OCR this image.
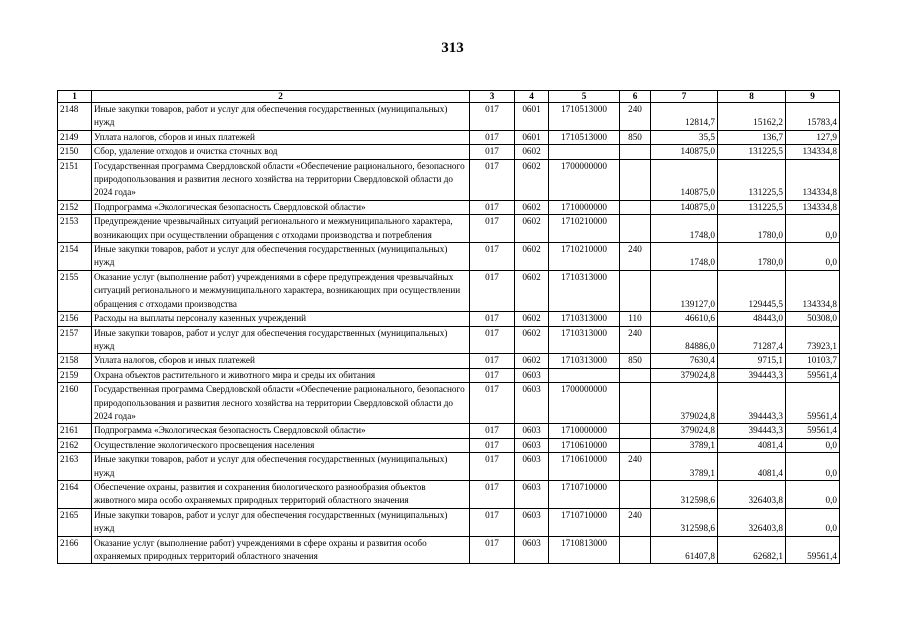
313
1	2	3	4	5	6	7	8	9
2148	Иные закупки товаров, работ и услуг для обеспечения государственных (муниципальных) нужд	017	0601	1710513000	240	12814,7	15162,2	15783,4
2149	Уплата налогов, сборов и иных платежей	017	0601	1710513000	850	35,5	136,7	127,9
2150	Сбор, удаление отходов и очистка сточных вод	017	0602			140875,0	131225,5	134334,8
2151	Государственная программа Свердловской области «Обеспечение рационального, безопасного природопользования и развития лесного хозяйства на территории Свердловской области до 2024 года»	017	0602	1700000000		140875,0	131225,5	134334,8
2152	Подпрограмма «Экологическая безопасность Свердловской области»	017	0602	1710000000		140875,0	131225,5	134334,8
2153	Предупреждение чрезвычайных ситуаций регионального и межмуниципального характера, возникающих при осуществлении обращения с отходами производства и потребления	017	0602	1710210000		1748,0	1780,0	0,0
2154	Иные закупки товаров, работ и услуг для обеспечения государственных (муниципальных) нужд	017	0602	1710210000	240	1748,0	1780,0	0,0
2155	Оказание услуг (выполнение работ) учреждениями в сфере предупреждения чрезвычайных ситуаций регионального и межмуниципального характера, возникающих при осуществлении обращения с отходами производства	017	0602	1710313000		139127,0	129445,5	134334,8
2156	Расходы на выплаты персоналу казенных учреждений	017	0602	1710313000	110	46610,6	48443,0	50308,0
2157	Иные закупки товаров, работ и услуг для обеспечения государственных (муниципальных) нужд	017	0602	1710313000	240	84886,0	71287,4	73923,1
2158	Уплата налогов, сборов и иных платежей	017	0602	1710313000	850	7630,4	9715,1	10103,7
2159	Охрана объектов растительного и животного мира и среды их обитания	017	0603			379024,8	394443,3	59561,4
2160	Государственная программа Свердловской области «Обеспечение рационального, безопасного природопользования и развития лесного хозяйства на территории Свердловской области до 2024 года»	017	0603	1700000000		379024,8	394443,3	59561,4
2161	Подпрограмма «Экологическая безопасность Свердловской области»	017	0603	1710000000		379024,8	394443,3	59561,4
2162	Осуществление экологического просвещения населения	017	0603	1710610000		3789,1	4081,4	0,0
2163	Иные закупки товаров, работ и услуг для обеспечения государственных (муниципальных) нужд	017	0603	1710610000	240	3789,1	4081,4	0,0
2164	Обеспечение охраны, развития и сохранения биологического разнообразия объектов животного мира особо охраняемых природных территорий областного значения	017	0603	1710710000		312598,6	326403,8	0,0
2165	Иные закупки товаров, работ и услуг для обеспечения государственных (муниципальных) нужд	017	0603	1710710000	240	312598,6	326403,8	0,0
2166	Оказание услуг (выполнение работ) учреждениями в сфере охраны и развития особо охраняемых природных территорий областного значения	017	0603	1710813000		61407,8	62682,1	59561,4
